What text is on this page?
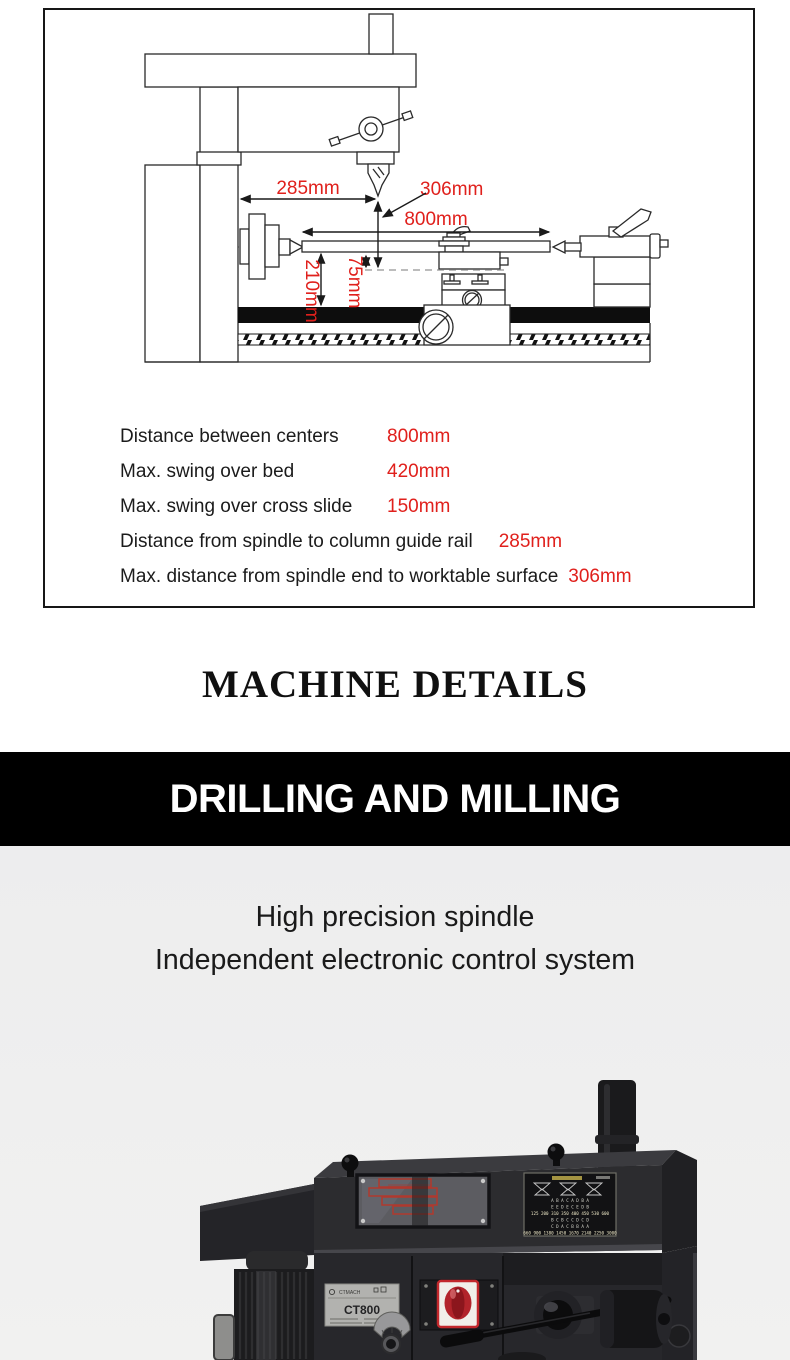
285mm	306mm
800mm
75mm
210mm
Distance between centers	800mm
Max. swing over bed	420mm
Max. swing over cross slide	150mm
Distance from spindle to column guide rail 285mm
Max. distance from spindle end to worktable surface 306mm
MACHINE DETAILS
DRILLING AND MILLING
High precision spindle
Independent electronic control system
A B A C A D B A
E E D E C E D B
125 200 310 350 400 450 530 600
B C B C C D C D
C D A C B B A A
660 900 1380 1450 1670 2140 2250 3000
CTMACH
CT800
